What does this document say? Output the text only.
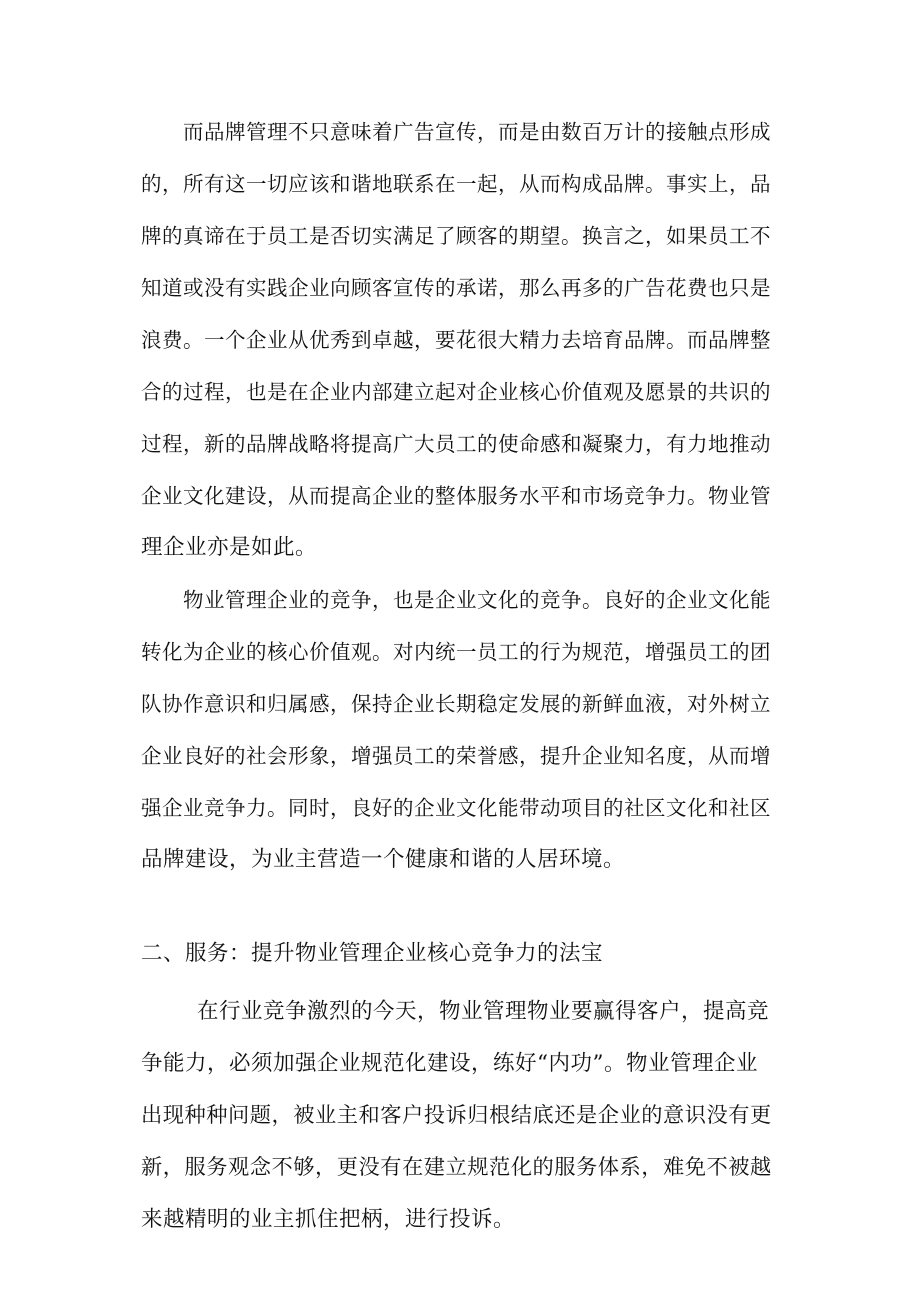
而品牌管理不只意味着广告宣传，而是由数百万计的接触点形成
的，所有这一切应该和谐地联系在一起，从而构成品牌。事实上，品
牌的真谛在于员工是否切实满足了顾客的期望。换言之，如果员工不
知道或没有实践企业向顾客宣传的承诺，那么再多的广告花费也只是
浪费。一个企业从优秀到卓越，要花很大精力去培育品牌。而品牌整
合的过程，也是在企业内部建立起对企业核心价值观及愿景的共识的
过程，新的品牌战略将提高广大员工的使命感和凝聚力，有力地推动
企业文化建设，从而提高企业的整体服务水平和市场竞争力。物业管
理企业亦是如此。
物业管理企业的竞争，也是企业文化的竞争。良好的企业文化能
转化为企业的核心价值观。对内统一员工的行为规范，增强员工的团
队协作意识和归属感，保持企业长期稳定发展的新鲜血液，对外树立
企业良好的社会形象，增强员工的荣誉感，提升企业知名度，从而增
强企业竞争力。同时，良好的企业文化能带动项目的社区文化和社区
品牌建设，为业主营造一个健康和谐的人居环境。
二、服务：提升物业管理企业核心竞争力的法宝
在行业竞争激烈的今天，物业管理物业要赢得客户，提高竞
争能力，必须加强企业规范化建设，练好“内功”。物业管理企业
出现种种问题，被业主和客户投诉归根结底还是企业的意识没有更
新，服务观念不够，更没有在建立规范化的服务体系，难免不被越
来越精明的业主抓住把柄，进行投诉。
